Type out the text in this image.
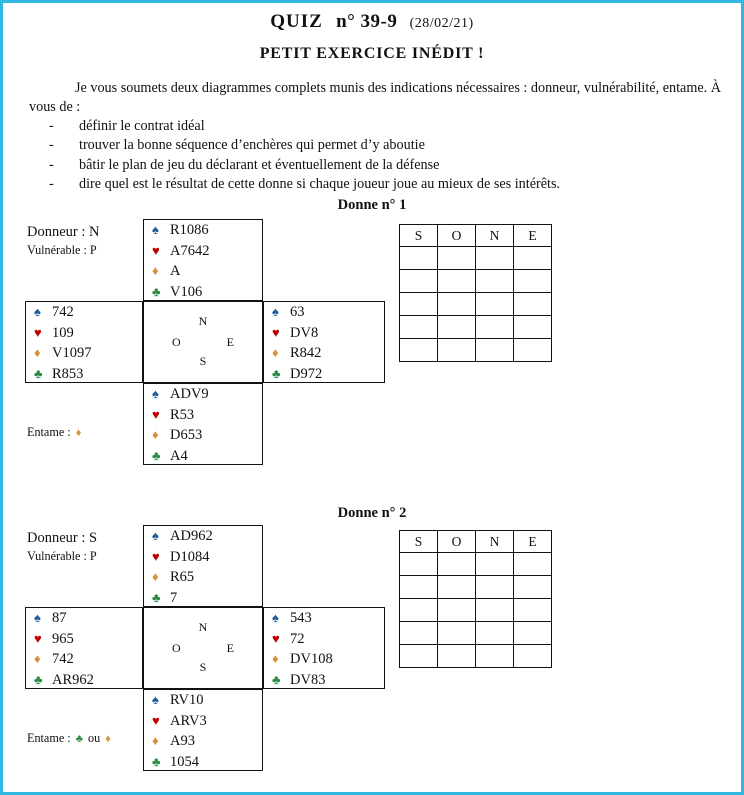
QUIZ n° 39-9 (28/02/21)
PETIT EXERCICE INÉDIT !
Je vous soumets deux diagrammes complets munis des indications nécessaires : donneur, vulnérabilité, entame. À vous de :
-	définir le contrat idéal
-	trouver la bonne séquence d’enchères qui permet d’y aboutie
-	bâtir le plan de jeu du déclarant et éventuellement de la défense
-	dire quel est le résultat de cette donne si chaque joueur joue au mieux de ses intérêts.
Donne n° 1
Donne n° 2
Donneur : N
Vulnérable : P
♠ R1086
♥ A7642
♦ A
♣ V106
♠ 742
♥ 109
♦ V1097
♣ R853
N
O	E
S
♠ 63
♥ DV8
♦ R842
♣ D972
♠ ADV9
♥ R53
♦ D653
♣ A4
Entame : ♦
S	O	N	E

Donneur : S
Vulnérable : P
♠ AD962
♥ D1084
♦ R65
♣ 7
♠ 87
♥ 965
♦ 742
♣ AR962
N
O	E
S
♠ 543
♥ 72
♦ DV108
♣ DV83
♠ RV10
♥ ARV3
♦ A93
♣ 1054
Entame : ♣ ou ♦
S	O	N	E
